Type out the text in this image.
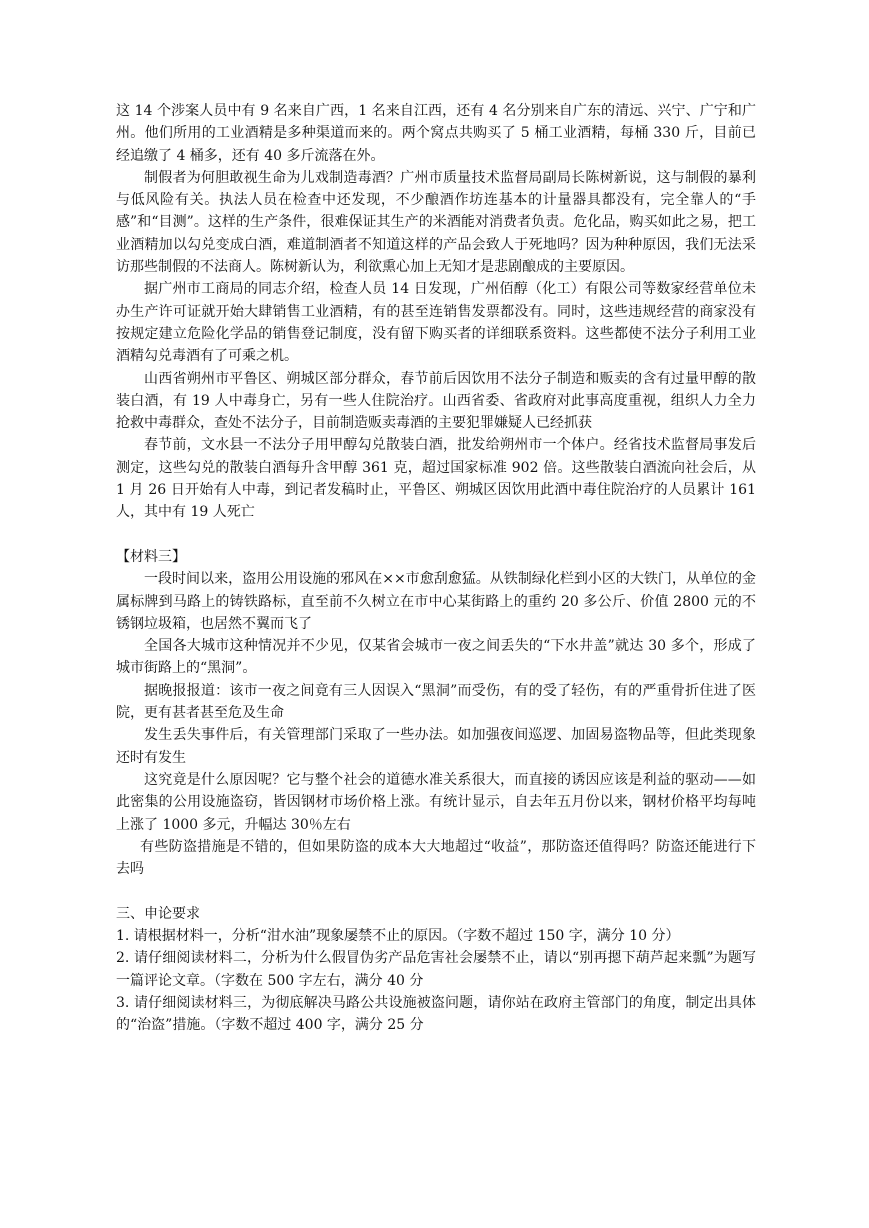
这 14 个涉案人员中有 9 名来自广西，1 名来自江西，还有 4 名分别来自广东的清远、兴宁、广宁和广州。他们所用的工业酒精是多种渠道而来的。两个窝点共购买了 5 桶工业酒精，每桶 330 斤，目前已经追缴了 4 桶多，还有 40 多斤流落在外。

制假者为何胆敢视生命为儿戏制造毒酒？广州市质量技术监督局副局长陈树新说，这与制假的暴利与低风险有关。执法人员在检查中还发现，不少酿酒作坊连基本的计量器具都没有，完全靠人的“手感”和“目测”。这样的生产条件，很难保证其生产的米酒能对消费者负责。危化品，购买如此之易，把工业酒精加以勾兑变成白酒，难道制酒者不知道这样的产品会致人于死地吗？因为种种原因，我们无法采访那些制假的不法商人。陈树新认为，利欲熏心加上无知才是悲剧酿成的主要原因。

据广州市工商局的同志介绍，检查人员 14 日发现，广州佰醇（化工）有限公司等数家经营单位未办生产许可证就开始大肆销售工业酒精，有的甚至连销售发票都没有。同时，这些违规经营的商家没有按规定建立危险化学品的销售登记制度，没有留下购买者的详细联系资料。这些都使不法分子利用工业酒精勾兑毒酒有了可乘之机。

山西省朔州市平鲁区、朔城区部分群众，春节前后因饮用不法分子制造和贩卖的含有过量甲醇的散装白酒，有 19 人中毒身亡，另有一些人住院治疗。山西省委、省政府对此事高度重视，组织人力全力抢救中毒群众，查处不法分子，目前制造贩卖毒酒的主要犯罪嫌疑人已经抓获

春节前，文水县一不法分子用甲醇勾兑散装白酒，批发给朔州市一个体户。经省技术监督局事发后测定，这些勾兑的散装白酒每升含甲醇 361 克，超过国家标准 902 倍。这些散装白酒流向社会后，从 1 月 26 日开始有人中毒，到记者发稿时止，平鲁区、朔城区因饮用此酒中毒住院治疗的人员累计 161 人，其中有 19 人死亡

【材料三】

一段时间以来，盗用公用设施的邪风在××市愈刮愈猛。从铁制绿化栏到小区的大铁门，从单位的金属标牌到马路上的铸铁路标，直至前不久树立在市中心某街路上的重约 20 多公斤、价值 2800 元的不锈钢垃圾箱，也居然不翼而飞了

全国各大城市这种情况并不少见，仅某省会城市一夜之间丢失的“下水井盖”就达 30 多个，形成了城市街路上的“黑洞”。

据晚报报道：该市一夜之间竟有三人因误入“黑洞”而受伤，有的受了轻伤，有的严重骨折住进了医院，更有甚者甚至危及生命

发生丢失事件后，有关管理部门采取了一些办法。如加强夜间巡逻、加固易盗物品等，但此类现象还时有发生

这究竟是什么原因呢？它与整个社会的道德水准关系很大，而直接的诱因应该是利益的驱动——如此密集的公用设施盗窃，皆因钢材市场价格上涨。有统计显示，自去年五月份以来，钢材价格平均每吨上涨了 1000 多元，升幅达 30％左右

有些防盗措施是不错的，但如果防盗的成本大大地超过“收益”，那防盗还值得吗？防盗还能进行下去吗

三、申论要求

1. 请根据材料一，分析“泔水油”现象屡禁不止的原因。（字数不超过 150 字，满分 10 分）

2. 请仔细阅读材料二，分析为什么假冒伪劣产品危害社会屡禁不止，请以“别再摁下葫芦起来瓢”为题写一篇评论文章。（字数在 500 字左右，满分 40 分

3. 请仔细阅读材料三，为彻底解决马路公共设施被盗问题，请你站在政府主管部门的角度，制定出具体的“治盗”措施。（字数不超过 400 字，满分 25 分
